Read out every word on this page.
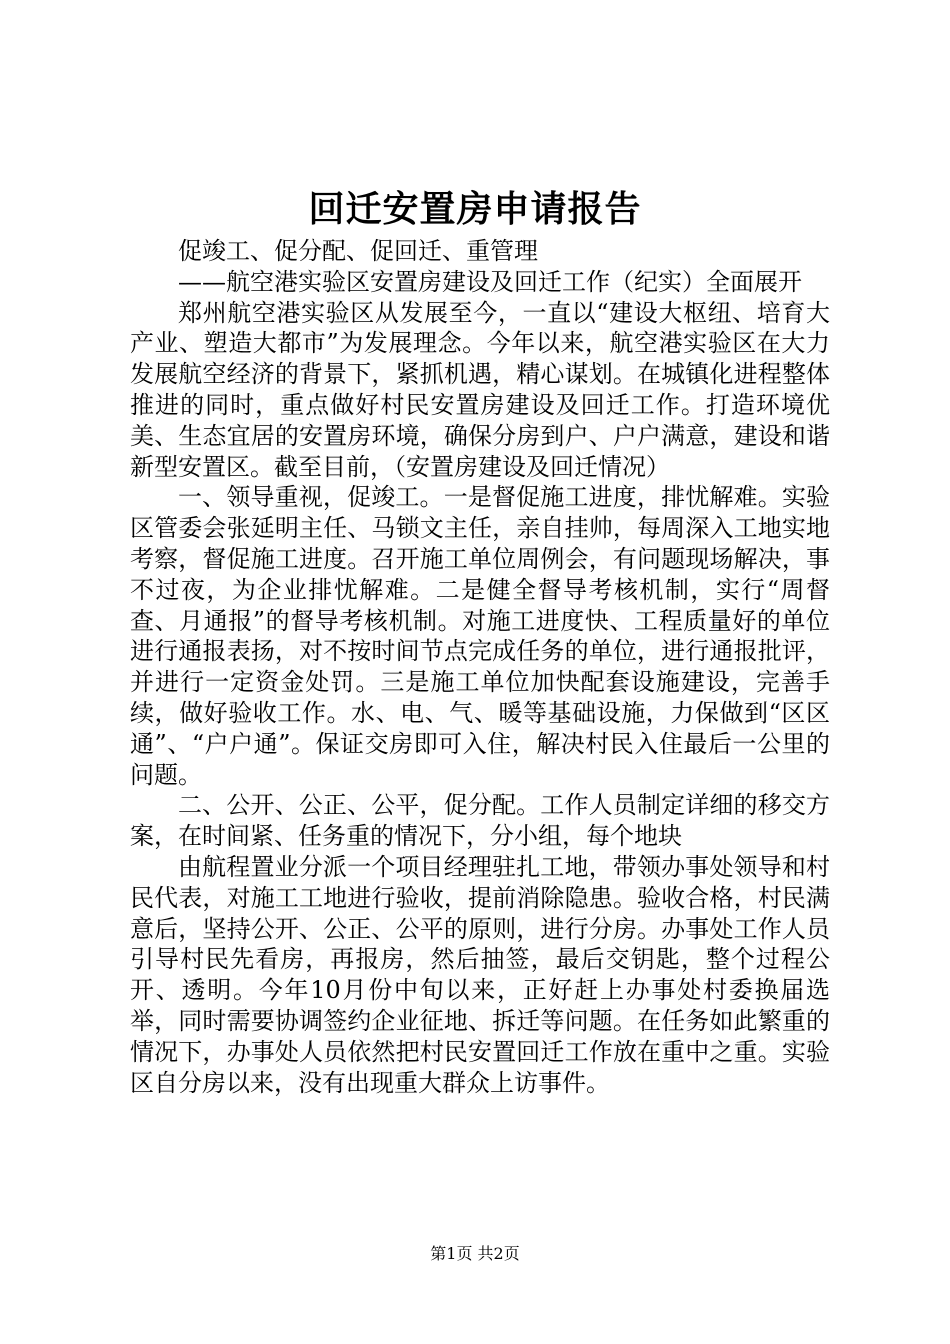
回迁安置房申请报告

促竣工、促分配、促回迁、重管理

——航空港实验区安置房建设及回迁工作（纪实）全面展开

郑州航空港实验区从发展至今，一直以“建设大枢纽、培育大产业、塑造大都市”为发展理念。今年以来，航空港实验区在大力发展航空经济的背景下，紧抓机遇，精心谋划。在城镇化进程整体推进的同时，重点做好村民安置房建设及回迁工作。打造环境优美、生态宜居的安置房环境，确保分房到户、户户满意，建设和谐新型安置区。截至目前，（安置房建设及回迁情况）

一、领导重视，促竣工。一是督促施工进度，排忧解难。实验区管委会张延明主任、马锁文主任，亲自挂帅，每周深入工地实地考察，督促施工进度。召开施工单位周例会，有问题现场解决，事不过夜，为企业排忧解难。二是健全督导考核机制，实行“周督查、月通报”的督导考核机制。对施工进度快、工程质量好的单位进行通报表扬，对不按时间节点完成任务的单位，进行通报批评，并进行一定资金处罚。三是施工单位加快配套设施建设，完善手续，做好验收工作。水、电、气、暖等基础设施，力保做到“区区通”、“户户通”。保证交房即可入住，解决村民入住最后一公里的问题。

二、公开、公正、公平，促分配。工作人员制定详细的移交方案，在时间紧、任务重的情况下，分小组，每个地块

由航程置业分派一个项目经理驻扎工地，带领办事处领导和村民代表，对施工工地进行验收，提前消除隐患。验收合格，村民满意后，坚持公开、公正、公平的原则，进行分房。办事处工作人员引导村民先看房，再报房，然后抽签，最后交钥匙，整个过程公开、透明。今年10月份中旬以来，正好赶上办事处村委换届选举，同时需要协调签约企业征地、拆迁等问题。在任务如此繁重的情况下，办事处人员依然把村民安置回迁工作放在重中之重。实验区自分房以来，没有出现重大群众上访事件。

第1页 共2页
